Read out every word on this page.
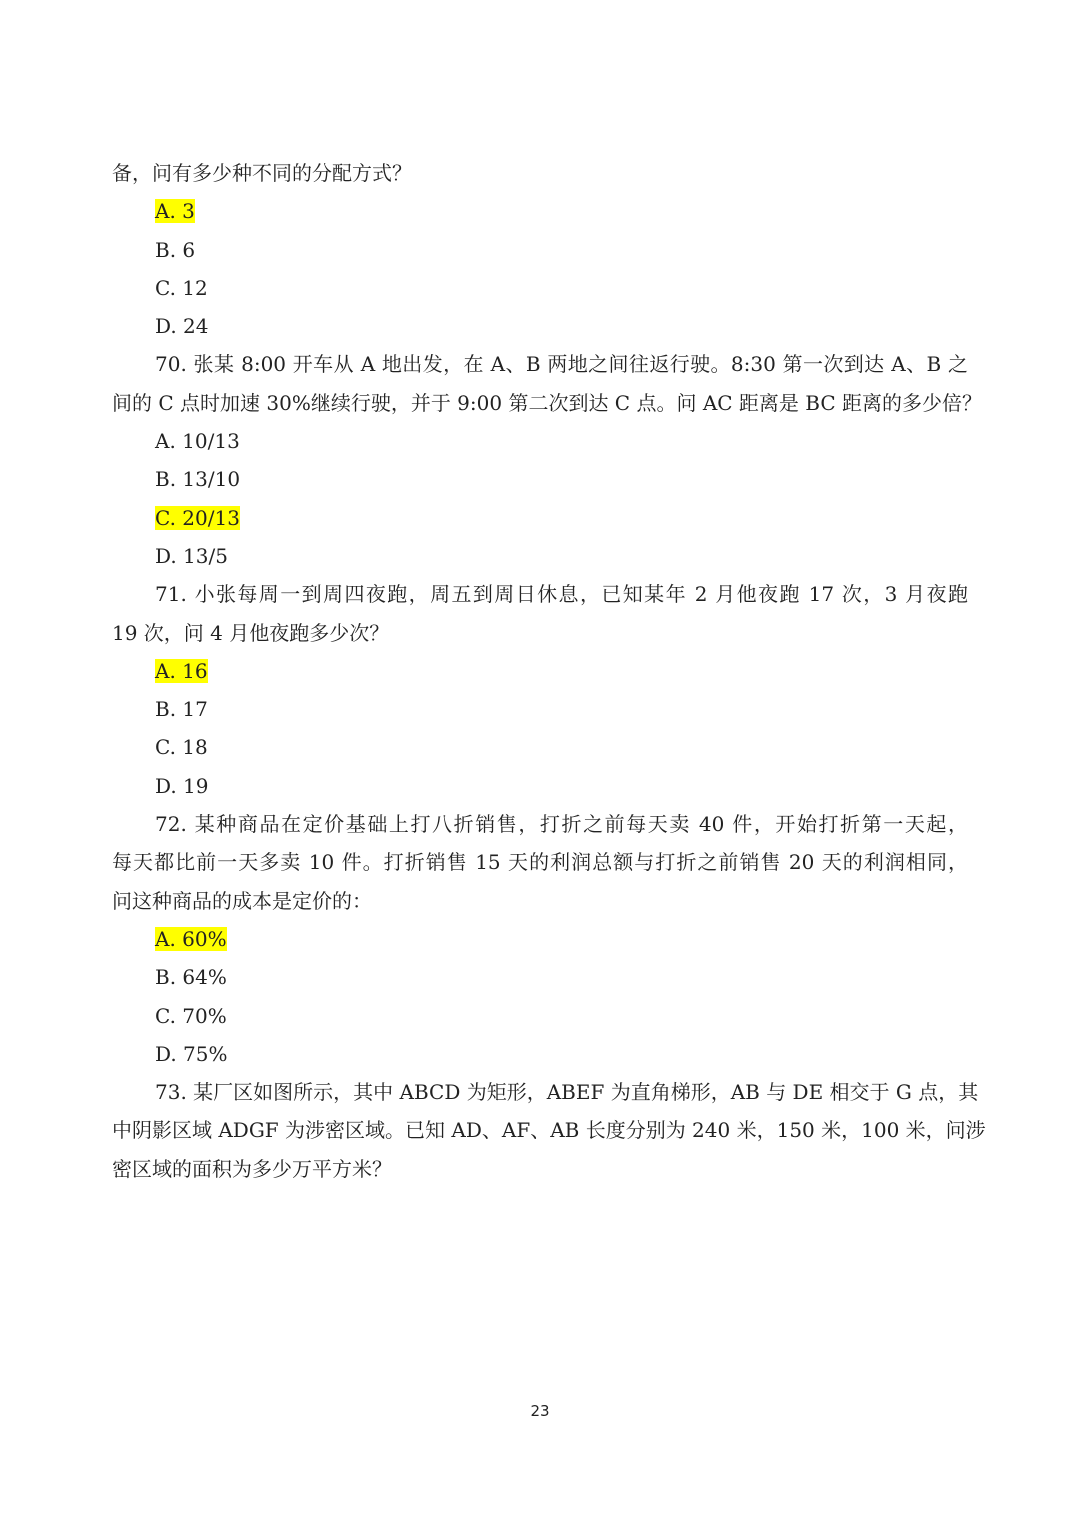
备，问有多少种不同的分配方式？
A. 3
B. 6
C. 12
D. 24
70. 张某 8:00 开车从 A 地出发，在 A、B 两地之间往返行驶。8:30 第一次到达 A、B 之
间的 C 点时加速 30%继续行驶，并于 9:00 第二次到达 C 点。问 AC 距离是 BC 距离的多少倍？
A. 10/13
B. 13/10
C. 20/13
D. 13/5
71. 小张每周一到周四夜跑，周五到周日休息，已知某年 2 月他夜跑 17 次，3 月夜跑
19 次，问 4 月他夜跑多少次？
A. 16
B. 17
C. 18
D. 19
72. 某种商品在定价基础上打八折销售，打折之前每天卖 40 件，开始打折第一天起，
每天都比前一天多卖 10 件。打折销售 15 天的利润总额与打折之前销售 20 天的利润相同，
问这种商品的成本是定价的：
A. 60%
B. 64%
C. 70%
D. 75%
73. 某厂区如图所示，其中 ABCD 为矩形，ABEF 为直角梯形，AB 与 DE 相交于 G 点，其
中阴影区域 ADGF 为涉密区域。已知 AD、AF、AB 长度分别为 240 米，150 米，100 米，问涉
密区域的面积为多少万平方米？
23
